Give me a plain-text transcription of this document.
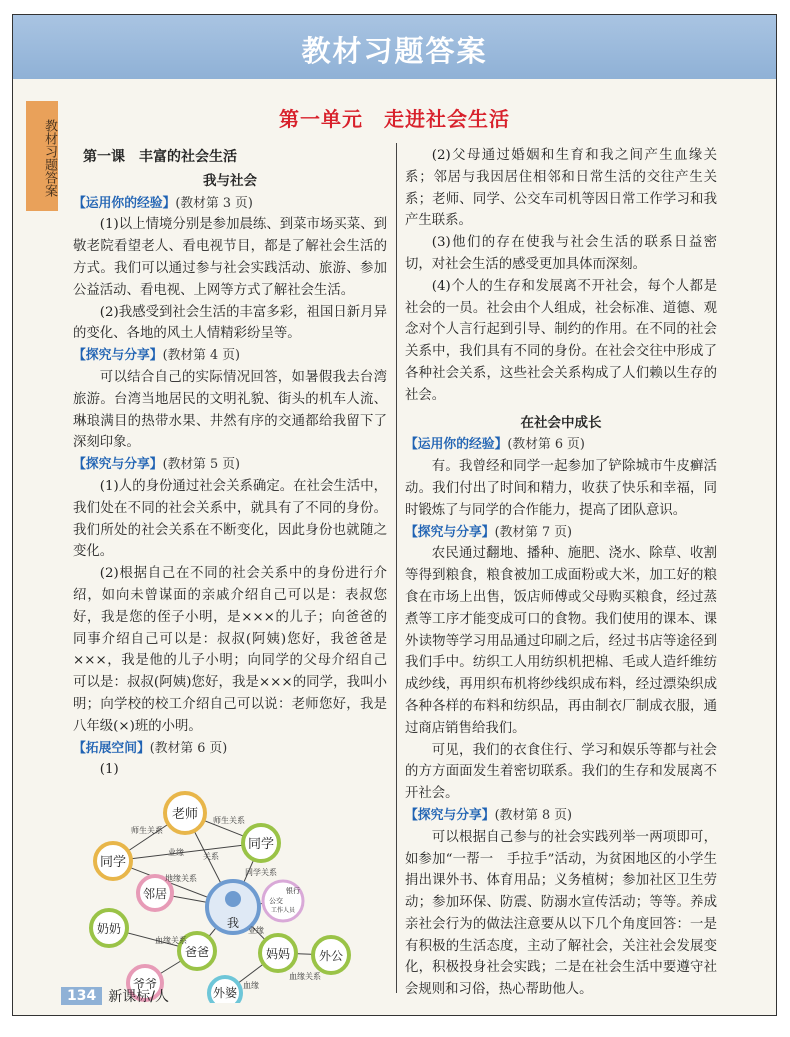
教材习题答案
教材习题答案	第一单元　走进社会生活
第一课　丰富的社会生活
我与社会
【运用你的经验】(教材第 3 页)

(1)以上情境分别是参加晨练、到菜市场买菜、到敬老院看望老人、看电视节目，都是了解社会生活的方式。我们可以通过参与社会实践活动、旅游、参加公益活动、看电视、上网等方式了解社会生活。

(2)我感受到社会生活的丰富多彩，祖国日新月异的变化、各地的风土人情精彩纷呈等。

【探究与分享】(教材第 4 页)

可以结合自己的实际情况回答，如暑假我去台湾旅游。台湾当地居民的文明礼貌、街头的机车人流、琳琅满目的热带水果、井然有序的交通都给我留下了深刻印象。

【探究与分享】(教材第 5 页)

(1)人的身份通过社会关系确定。在社会生活中，我们处在不同的社会关系中，就具有了不同的身份。我们所处的社会关系在不断变化，因此身份也就随之变化。

(2)根据自己在不同的社会关系中的身份进行介绍，如向未曾谋面的亲戚介绍自己可以是：表叔您好，我是您的侄子小明，是×××的儿子；向爸爸的同事介绍自己可以是：叔叔(阿姨)您好，我爸爸是×××，我是他的儿子小明；向同学的父母介绍自己可以是：叔叔(阿姨)您好，我是×××的同学，我叫小明；向学校的校工介绍自己可以说：老师您好，我是八年级(×)班的小明。

【拓展空间】(教材第 6 页)

(1)

老师
同学
同学
邻居
我
银行
公交
工作人员
奶奶
爸爸
爷爷
妈妈 外公
外婆
师生关系
师生关系
业缘 关系
同学关系
地缘关系
业缘
血缘关系
血缘关系
血缘

(2)父母通过婚姻和生育和我之间产生血缘关系；邻居与我因居住相邻和日常生活的交往产生关系；老师、同学、公交车司机等因日常工作学习和我产生联系。

(3)他们的存在使我与社会生活的联系日益密切，对社会生活的感受更加具体而深刻。

(4)个人的生存和发展离不开社会，每个人都是社会的一员。社会由个人组成，社会标准、道德、观念对个人言行起到引导、制约的作用。在不同的社会关系中，我们具有不同的身份。在社会交往中形成了各种社会关系，这些社会关系构成了人们赖以生存的社会。

在社会中成长
【运用你的经验】(教材第 6 页)

有。我曾经和同学一起参加了铲除城市牛皮癣活动。我们付出了时间和精力，收获了快乐和幸福，同时锻炼了与同学的合作能力，提高了团队意识。

【探究与分享】(教材第 7 页)

农民通过翻地、播种、施肥、浇水、除草、收割等得到粮食，粮食被加工成面粉或大米，加工好的粮食在市场上出售，饭店师傅或父母购买粮食，经过蒸煮等工序才能变成可口的食物。我们使用的课本、课外读物等学习用品通过印刷之后，经过书店等途径到我们手中。纺织工人用纺织机把棉、毛或人造纤维纺成纱线，再用织布机将纱线织成布料，经过漂染织成各种各样的布料和纺织品，再由制衣厂制成衣服，通过商店销售给我们。

可见，我们的衣食住行、学习和娱乐等都与社会的方方面面发生着密切联系。我们的生存和发展离不开社会。

【探究与分享】(教材第 8 页)

可以根据自己参与的社会实践列举一两项即可，如参加“一帮一　手拉手”活动，为贫困地区的小学生捐出课外书、体育用品；义务植树；参加社区卫生劳动；参加环保、防震、防溺水宣传活动；等等。养成亲社会行为的做法注意要从以下几个角度回答：一是有积极的生活态度，主动了解社会，关注社会发展变化，积极投身社会实践；二是在社会生活中要遵守社会规则和习俗，热心帮助他人。

134 新课标/人
